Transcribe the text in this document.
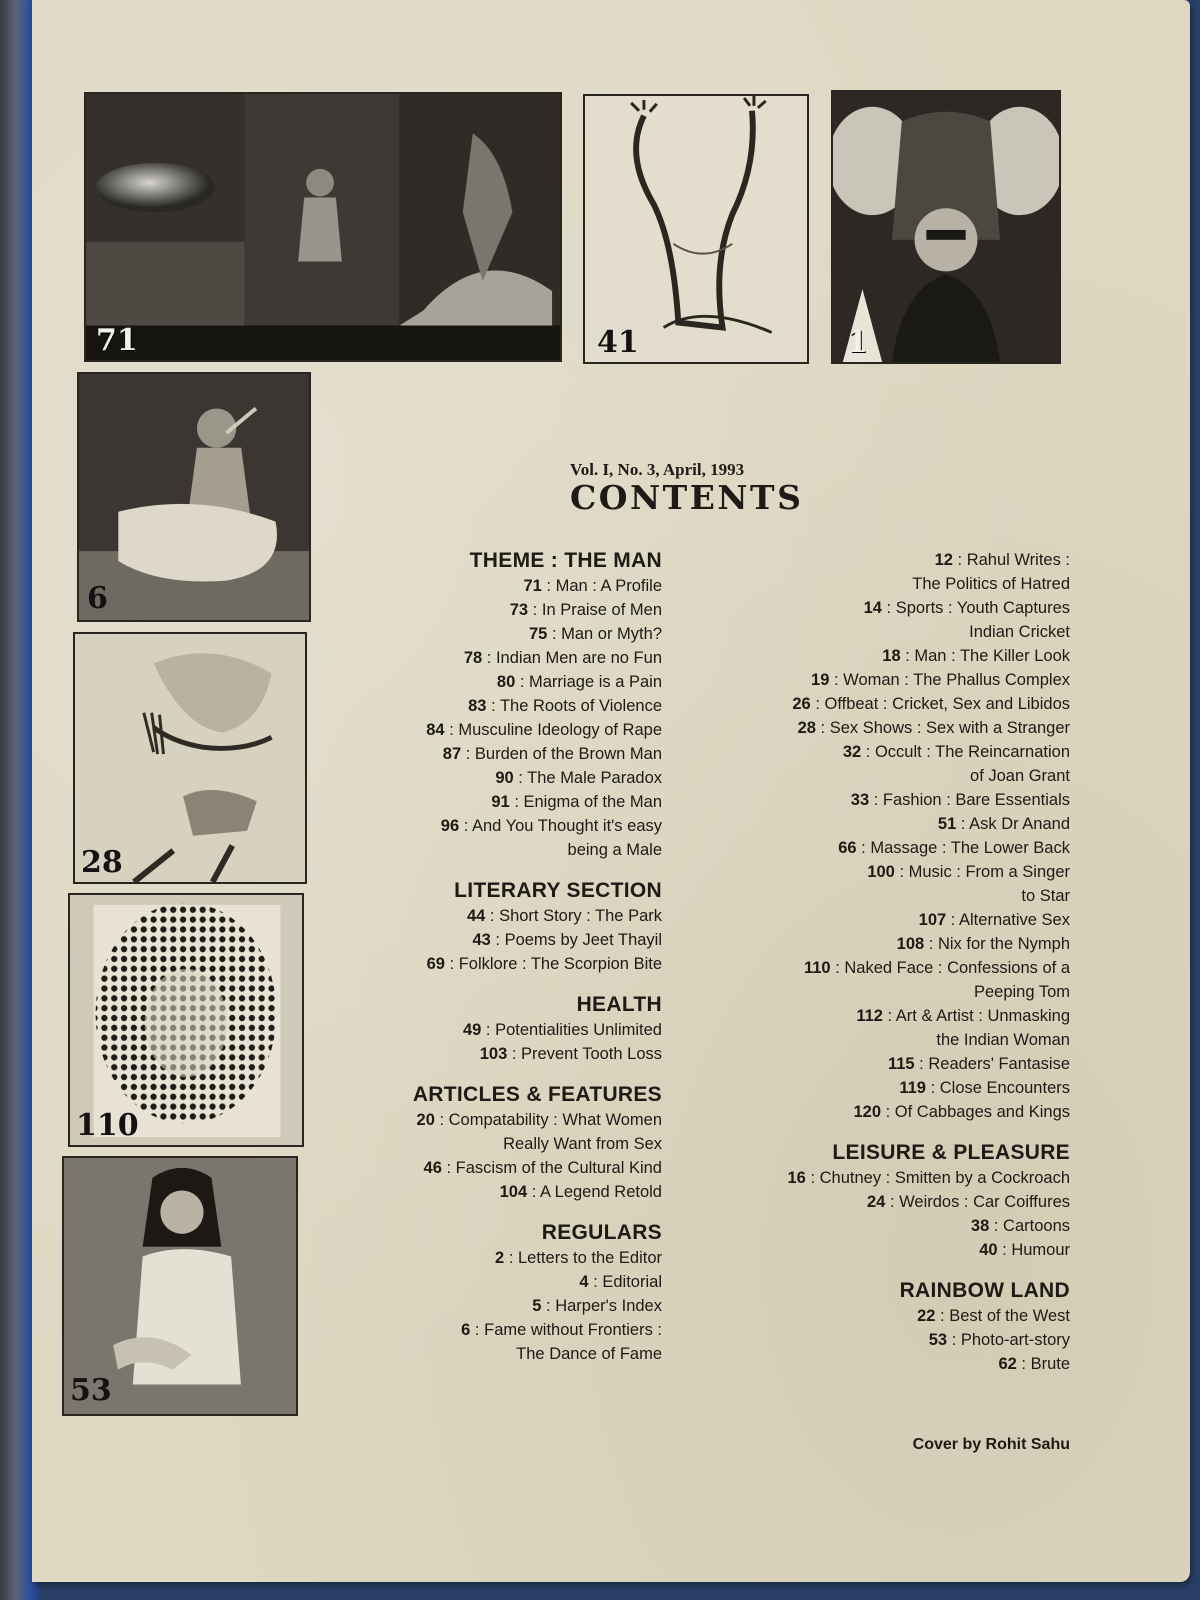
71	41	1
6
28
110
53
Vol. I, No. 3, April, 1993
CONTENTS
THEME : THE MAN
71 : Man : A Profile
73 : In Praise of Men
75 : Man or Myth?
78 : Indian Men are no Fun
80 : Marriage is a Pain
83 : The Roots of Violence
84 : Musculine Ideology of Rape
87 : Burden of the Brown Man
90 : The Male Paradox
91 : Enigma of the Man
96 : And You Thought it's easy
being a Male
LITERARY SECTION
44 : Short Story : The Park
43 : Poems by Jeet Thayil
69 : Folklore : The Scorpion Bite
HEALTH
49 : Potentialities Unlimited
103 : Prevent Tooth Loss
ARTICLES & FEATURES
20 : Compatability : What Women
Really Want from Sex
46 : Fascism of the Cultural Kind
104 : A Legend Retold
REGULARS
2 : Letters to the Editor
4 : Editorial
5 : Harper's Index
6 : Fame without Frontiers :
The Dance of Fame
12 : Rahul Writes :
The Politics of Hatred
14 : Sports : Youth Captures
Indian Cricket
18 : Man : The Killer Look
19 : Woman : The Phallus Complex
26 : Offbeat : Cricket, Sex and Libidos
28 : Sex Shows : Sex with a Stranger
32 : Occult : The Reincarnation
of Joan Grant
33 : Fashion : Bare Essentials
51 : Ask Dr Anand
66 : Massage : The Lower Back
100 : Music : From a Singer
to Star
107 : Alternative Sex
108 : Nix for the Nymph
110 : Naked Face : Confessions of a
Peeping Tom
112 : Art & Artist : Unmasking
the Indian Woman
115 : Readers' Fantasise
119 : Close Encounters
120 : Of Cabbages and Kings
LEISURE & PLEASURE
16 : Chutney : Smitten by a Cockroach
24 : Weirdos : Car Coiffures
38 : Cartoons
40 : Humour
RAINBOW LAND
22 : Best of the West
53 : Photo-art-story
62 : Brute
Cover by Rohit Sahu
